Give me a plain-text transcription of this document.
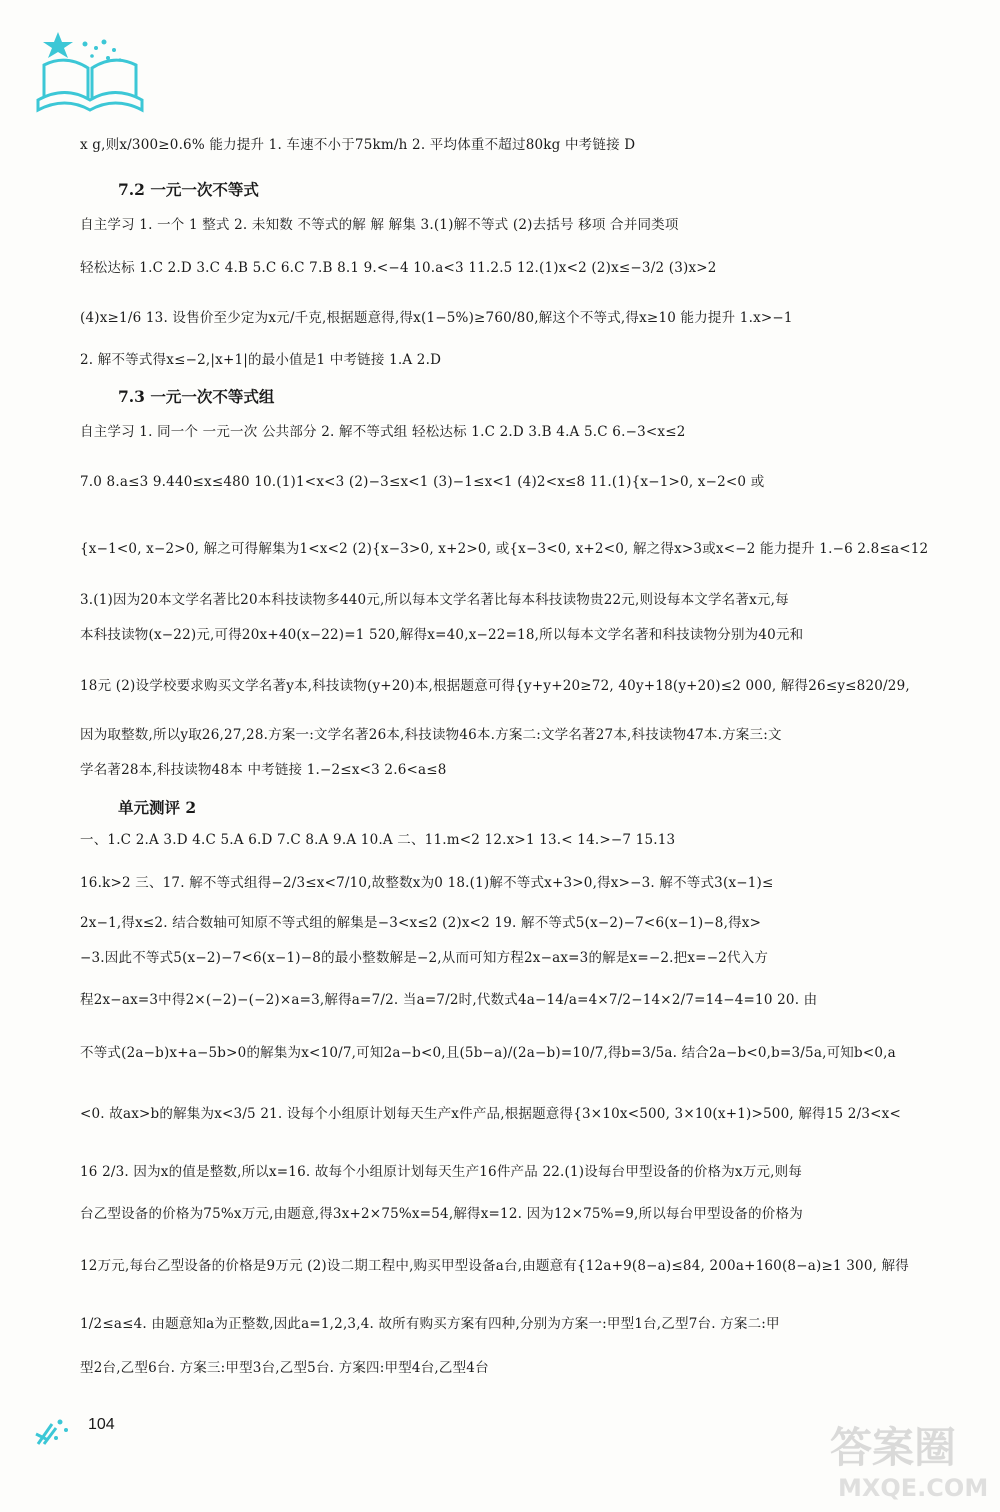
x g,则x/300≥0.6% 能力提升 1. 车速不小于75km/h 2. 平均体重不超过80kg 中考链接 D
7.2 一元一次不等式
自主学习 1. 一个 1 整式 2. 未知数 不等式的解 解 解集 3.(1)解不等式 (2)去括号 移项 合并同类项
轻松达标 1.C 2.D 3.C 4.B 5.C 6.C 7.B 8.1 9.<−4 10.a<3 11.2.5 12.(1)x<2 (2)x≤−3/2 (3)x>2
(4)x≥1/6 13. 设售价至少定为x元/千克,根据题意得,得x(1−5%)≥760/80,解这个不等式,得x≥10 能力提升 1.x>−1
2. 解不等式得x≤−2,|x+1|的最小值是1 中考链接 1.A 2.D
7.3 一元一次不等式组
自主学习 1. 同一个 一元一次 公共部分 2. 解不等式组 轻松达标 1.C 2.D 3.B 4.A 5.C 6.−3<x≤2
7.0 8.a≤3 9.440≤x≤480 10.(1)1<x<3 (2)−3≤x<1 (3)−1≤x<1 (4)2<x≤8 11.(1){x−1>0, x−2<0 或
{x−1<0, x−2>0, 解之可得解集为1<x<2 (2){x−3>0, x+2>0, 或{x−3<0, x+2<0, 解之得x>3或x<−2 能力提升 1.−6 2.8≤a<12
3.(1)因为20本文学名著比20本科技读物多440元,所以每本文学名著比每本科技读物贵22元,则设每本文学名著x元,每
本科技读物(x−22)元,可得20x+40(x−22)=1 520,解得x=40,x−22=18,所以每本文学名著和科技读物分别为40元和
18元 (2)设学校要求购买文学名著y本,科技读物(y+20)本,根据题意可得{y+y+20≥72, 40y+18(y+20)≤2 000, 解得26≤y≤820/29,
因为取整数,所以y取26,27,28.方案一:文学名著26本,科技读物46本.方案二:文学名著27本,科技读物47本.方案三:文
学名著28本,科技读物48本 中考链接 1.−2≤x<3 2.6<a≤8
单元测评 2
一、1.C 2.A 3.D 4.C 5.A 6.D 7.C 8.A 9.A 10.A 二、11.m<2 12.x>1 13.< 14.>−7 15.13
16.k>2 三、17. 解不等式组得−2/3≤x<7/10,故整数x为0 18.(1)解不等式x+3>0,得x>−3. 解不等式3(x−1)≤
2x−1,得x≤2. 结合数轴可知原不等式组的解集是−3<x≤2 (2)x<2 19. 解不等式5(x−2)−7<6(x−1)−8,得x>
−3.因此不等式5(x−2)−7<6(x−1)−8的最小整数解是−2,从而可知方程2x−ax=3的解是x=−2.把x=−2代入方
程2x−ax=3中得2×(−2)−(−2)×a=3,解得a=7/2. 当a=7/2时,代数式4a−14/a=4×7/2−14×2/7=14−4=10 20. 由
不等式(2a−b)x+a−5b>0的解集为x<10/7,可知2a−b<0,且(5b−a)/(2a−b)=10/7,得b=3/5a. 结合2a−b<0,b=3/5a,可知b<0,a
<0. 故ax>b的解集为x<3/5 21. 设每个小组原计划每天生产x件产品,根据题意得{3×10x<500, 3×10(x+1)>500, 解得15 2/3<x<
16 2/3. 因为x的值是整数,所以x=16. 故每个小组原计划每天生产16件产品 22.(1)设每台甲型设备的价格为x万元,则每
台乙型设备的价格为75%x万元,由题意,得3x+2×75%x=54,解得x=12. 因为12×75%=9,所以每台甲型设备的价格为
12万元,每台乙型设备的价格是9万元 (2)设二期工程中,购买甲型设备a台,由题意有{12a+9(8−a)≤84, 200a+160(8−a)≥1 300, 解得
1/2≤a≤4. 由题意知a为正整数,因此a=1,2,3,4. 故所有购买方案有四种,分别为方案一:甲型1台,乙型7台. 方案二:甲
型2台,乙型6台. 方案三:甲型3台,乙型5台. 方案四:甲型4台,乙型4台
104	答案圈
MXQE.COM
